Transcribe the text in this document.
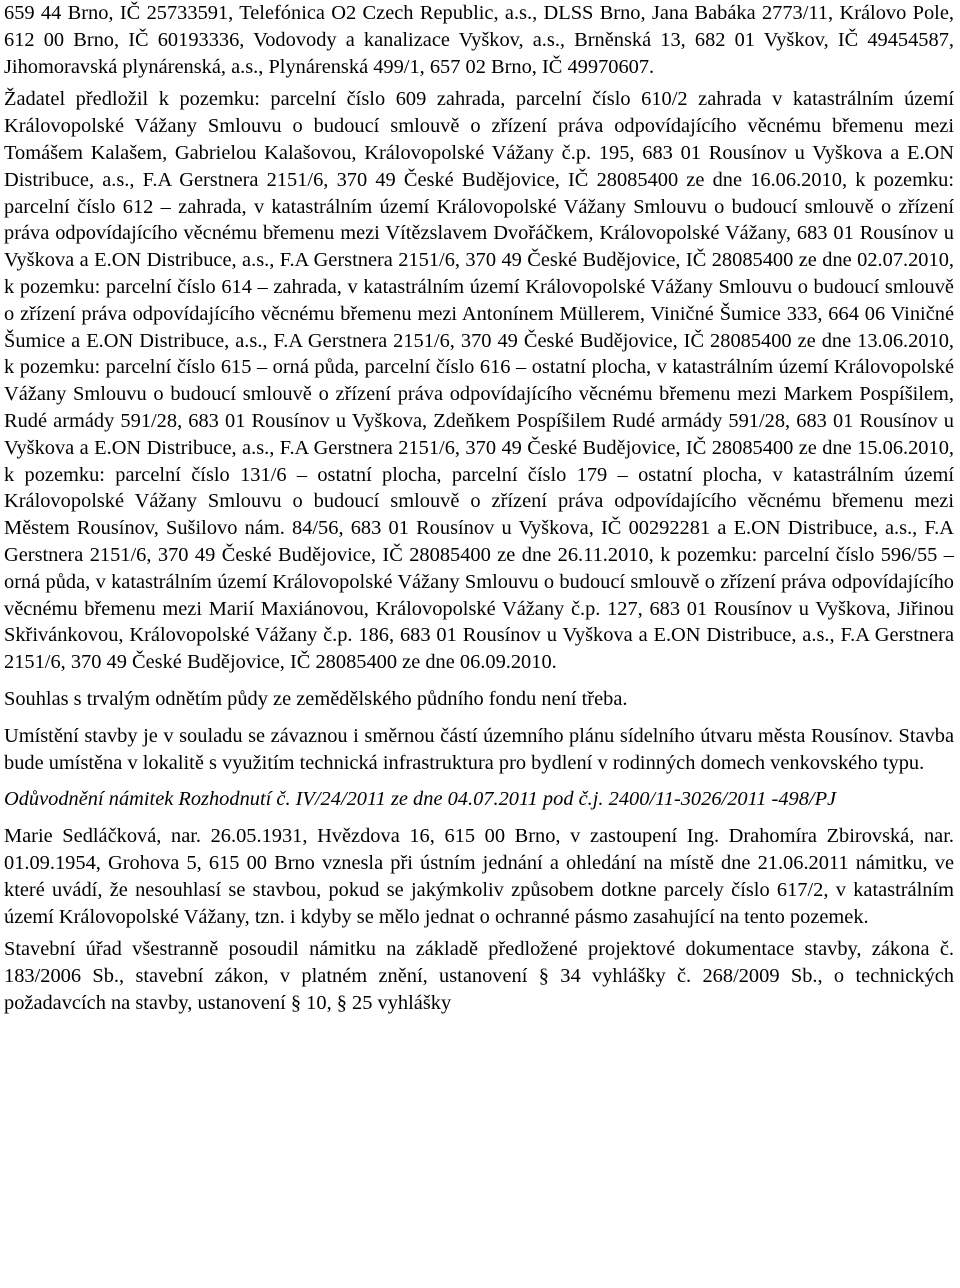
659 44 Brno, IČ 25733591, Telefónica O2 Czech Republic, a.s., DLSS Brno, Jana Babáka 2773/11, Královo Pole, 612 00 Brno, IČ 60193336, Vodovody a kanalizace Vyškov, a.s., Brněnská 13, 682 01 Vyškov, IČ 49454587, Jihomoravská plynárenská, a.s., Plynárenská 499/1, 657 02 Brno, IČ 49970607.

Žadatel předložil k pozemku: parcelní číslo 609 zahrada, parcelní číslo 610/2 zahrada v katastrálním území Královopolské Vážany Smlouvu o budoucí smlouvě o zřízení práva odpovídajícího věcnému břemenu mezi Tomášem Kalašem, Gabrielou Kalašovou, Královopolské Vážany č.p. 195, 683 01 Rousínov u Vyškova a E.ON Distribuce, a.s., F.A Gerstnera 2151/6, 370 49 České Budějovice, IČ 28085400 ze dne 16.06.2010, k pozemku: parcelní číslo 612 – zahrada, v katastrálním území Královopolské Vážany Smlouvu o budoucí smlouvě o zřízení práva odpovídajícího věcnému břemenu mezi Vítězslavem Dvořáčkem, Královopolské Vážany, 683 01 Rousínov u Vyškova a E.ON Distribuce, a.s., F.A Gerstnera 2151/6, 370 49 České Budějovice, IČ 28085400 ze dne 02.07.2010, k pozemku: parcelní číslo 614 – zahrada, v katastrálním území Královopolské Vážany Smlouvu o budoucí smlouvě o zřízení práva odpovídajícího věcnému břemenu mezi Antonínem Müllerem, Viničné Šumice 333, 664 06 Viničné Šumice a E.ON Distribuce, a.s., F.A Gerstnera 2151/6, 370 49 České Budějovice, IČ 28085400 ze dne 13.06.2010, k pozemku: parcelní číslo 615 – orná půda, parcelní číslo 616 – ostatní plocha, v katastrálním území Královopolské Vážany Smlouvu o budoucí smlouvě o zřízení práva odpovídajícího věcnému břemenu mezi Markem Pospíšilem, Rudé armády 591/28, 683 01 Rousínov u Vyškova, Zdeňkem Pospíšilem Rudé armády 591/28, 683 01 Rousínov u Vyškova a E.ON Distribuce, a.s., F.A Gerstnera 2151/6, 370 49 České Budějovice, IČ 28085400 ze dne 15.06.2010, k pozemku: parcelní číslo 131/6 – ostatní plocha, parcelní číslo 179 – ostatní plocha, v katastrálním území Královopolské Vážany Smlouvu o budoucí smlouvě o zřízení práva odpovídajícího věcnému břemenu mezi Městem Rousínov, Sušilovo nám. 84/56, 683 01 Rousínov u Vyškova, IČ 00292281 a E.ON Distribuce, a.s., F.A Gerstnera 2151/6, 370 49 České Budějovice, IČ 28085400 ze dne 26.11.2010, k pozemku: parcelní číslo 596/55 – orná půda, v katastrálním území Královopolské Vážany Smlouvu o budoucí smlouvě o zřízení práva odpovídajícího věcnému břemenu mezi Marií Maxiánovou, Královopolské Vážany č.p. 127, 683 01 Rousínov u Vyškova, Jiřinou Skřivánkovou, Královopolské Vážany č.p. 186, 683 01 Rousínov u Vyškova a E.ON Distribuce, a.s., F.A Gerstnera 2151/6, 370 49 České Budějovice, IČ 28085400 ze dne 06.09.2010.

Souhlas s trvalým odnětím půdy ze zemědělského půdního fondu není třeba.

Umístění stavby je v souladu se závaznou i směrnou částí územního plánu sídelního útvaru města Rousínov. Stavba bude umístěna v lokalitě s využitím technická infrastruktura pro bydlení v rodinných domech venkovského typu.

Odůvodnění námitek Rozhodnutí č. IV/24/2011 ze dne 04.07.2011 pod č.j. 2400/11-3026/2011 -498/PJ

Marie Sedláčková, nar. 26.05.1931, Hvězdova 16, 615 00 Brno, v zastoupení Ing. Drahomíra Zbirovská, nar. 01.09.1954, Grohova 5, 615 00 Brno vznesla při ústním jednání a ohledání na místě dne 21.06.2011 námitku, ve které uvádí, že nesouhlasí se stavbou, pokud se jakýmkoliv způsobem dotkne parcely číslo 617/2, v katastrálním území Královopolské Vážany, tzn. i kdyby se mělo jednat o ochranné pásmo zasahující na tento pozemek.

Stavební úřad všestranně posoudil námitku na základě předložené projektové dokumentace stavby, zákona č. 183/2006 Sb., stavební zákon, v platném znění, ustanovení § 34 vyhlášky č. 268/2009 Sb., o technických požadavcích na stavby, ustanovení § 10, § 25 vyhlášky
